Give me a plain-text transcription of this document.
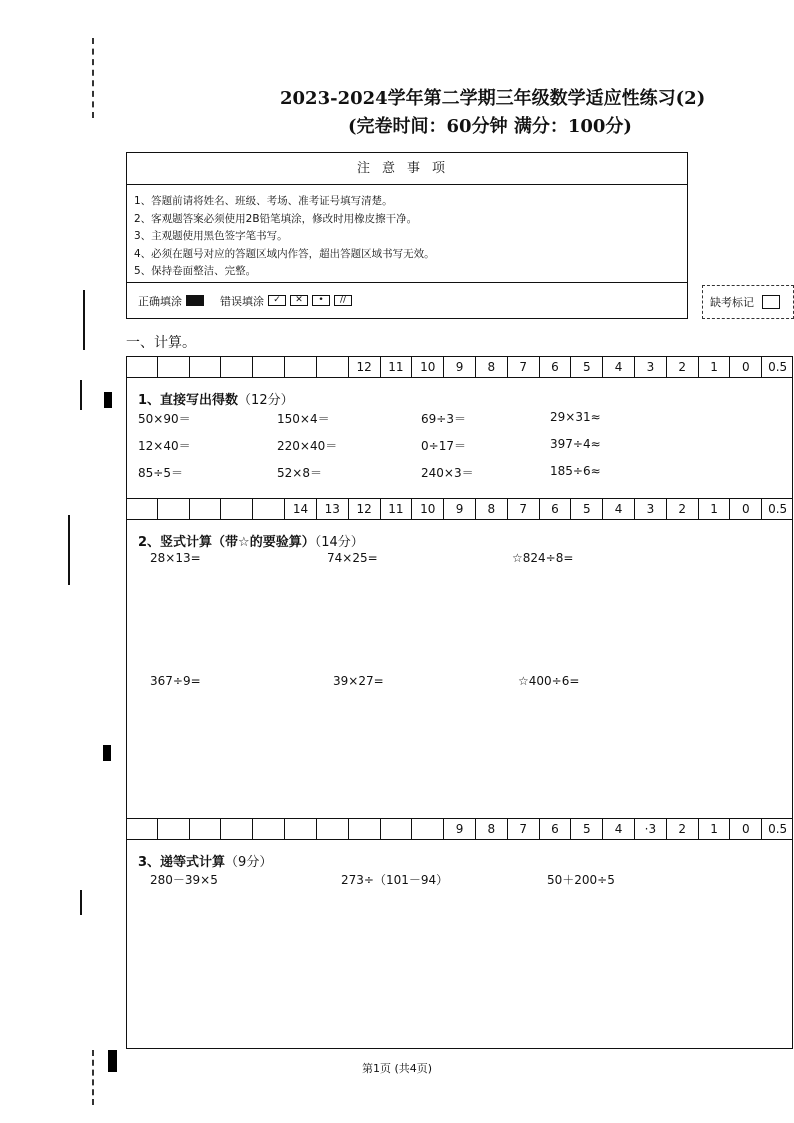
2023-2024学年第二学期三年级数学适应性练习(2)
(完卷时间：60分钟 满分：100分)
注意事项
1、答题前请将姓名、班级、考场、准考证号填写清楚。
2、客观题答案必须使用2B铅笔填涂，修改时用橡皮擦干净。
3、主观题使用黑色签字笔书写。
4、必须在题号对应的答题区域内作答，超出答题区域书写无效。
5、保持卷面整洁、完整。
正确填涂	错误填涂	✓	✕	•	//	缺考标记
一、计算。
12	11	10	9	8	7	6	5	4	3	2	1	0	0.5
14	13	12	11	10	9	8	7	6	5	4	3	2	1	0	0.5
9	8	7	6	5	4	·3	2	1	0	0.5
1、直接写出得数（12分）
50×90＝	150×4＝	69÷3＝	29×31≈
12×40＝	220×40＝	0÷17＝	397÷4≈
85÷5＝	52×8＝	240×3＝	185÷6≈
2、竖式计算（带☆的要验算）（14分）
28×13=	74×25=	☆824÷8=
367÷9=	39×27=	☆400÷6=
3、递等式计算（9分）
280－39×5	273÷（101－94）	50＋200÷5
第1页 (共4页)
